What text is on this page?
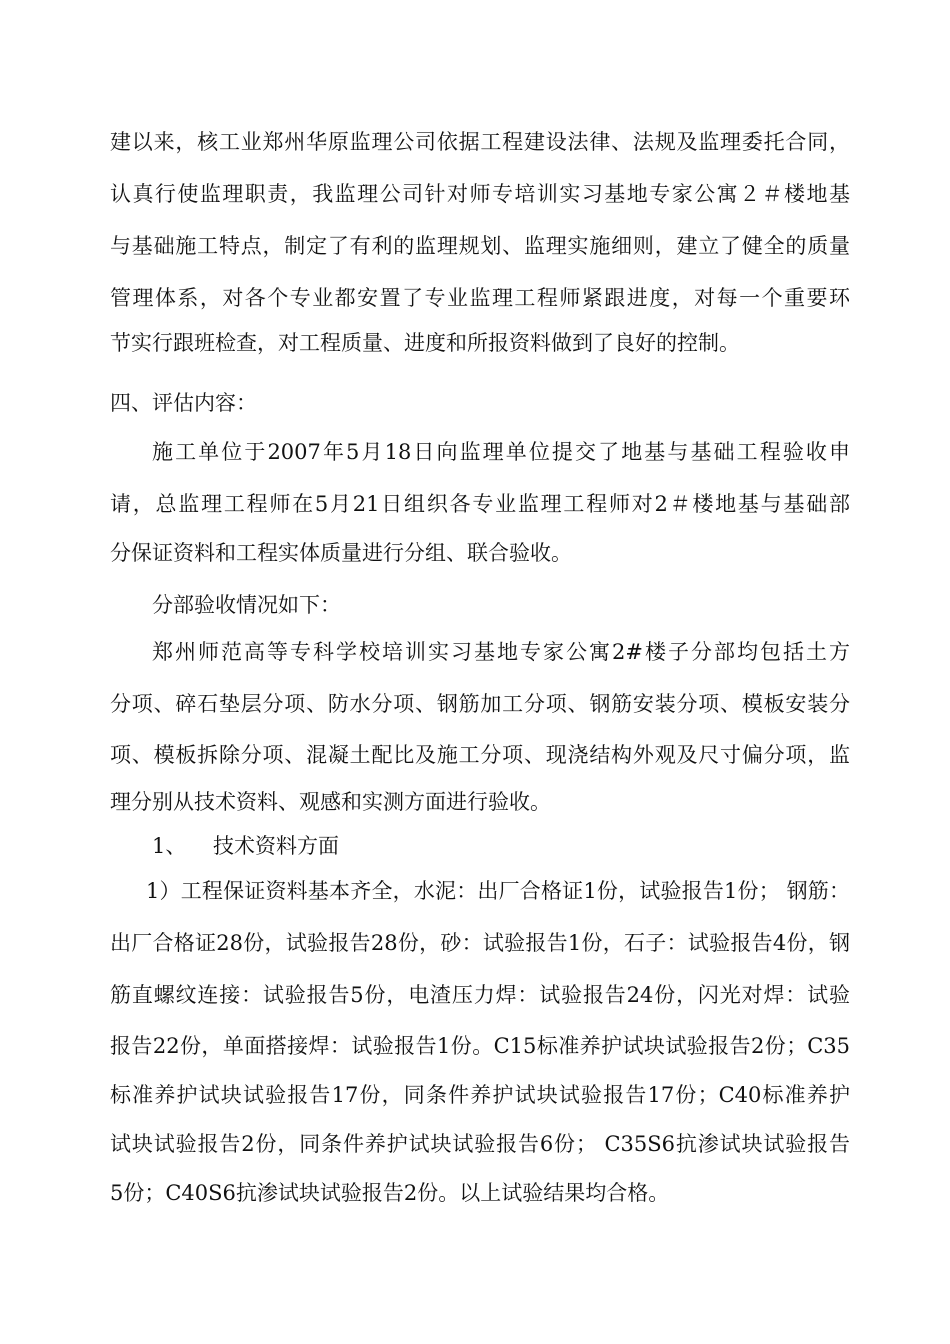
建以来，核工业郑州华原监理公司依据工程建设法律、法规及监理委托合同，
认真行使监理职责，我监理公司针对师专培训实习基地专家公寓２＃楼地基
与基础施工特点，制定了有利的监理规划、监理实施细则，建立了健全的质量
管理体系，对各个专业都安置了专业监理工程师紧跟进度，对每一个重要环
节实行跟班检查，对工程质量、进度和所报资料做到了良好的控制。
四、评估内容：
施工单位于2007年5月18日向监理单位提交了地基与基础工程验收申
请，总监理工程师在5月21日组织各专业监理工程师对2＃楼地基与基础部
分保证资料和工程实体质量进行分组、联合验收。
分部验收情况如下：
郑州师范高等专科学校培训实习基地专家公寓2#楼子分部均包括土方
分项、碎石垫层分项、防水分项、钢筋加工分项、钢筋安装分项、模板安装分
项、模板拆除分项、混凝土配比及施工分项、现浇结构外观及尺寸偏分项，监
理分别从技术资料、观感和实测方面进行验收。
1、	技术资料方面
1）工程保证资料基本齐全，水泥：出厂合格证1份，试验报告1份； 钢筋：
出厂合格证28份，试验报告28份，砂：试验报告1份，石子：试验报告4份，钢
筋直螺纹连接：试验报告5份，电渣压力焊：试验报告24份，闪光对焊：试验
报告22份，单面搭接焊：试验报告1份。C15标准养护试块试验报告2份；C35
标准养护试块试验报告17份，同条件养护试块试验报告17份；C40标准养护
试块试验报告2份，同条件养护试块试验报告6份； C35S6抗渗试块试验报告
5份；C40S6抗渗试块试验报告2份。以上试验结果均合格。
